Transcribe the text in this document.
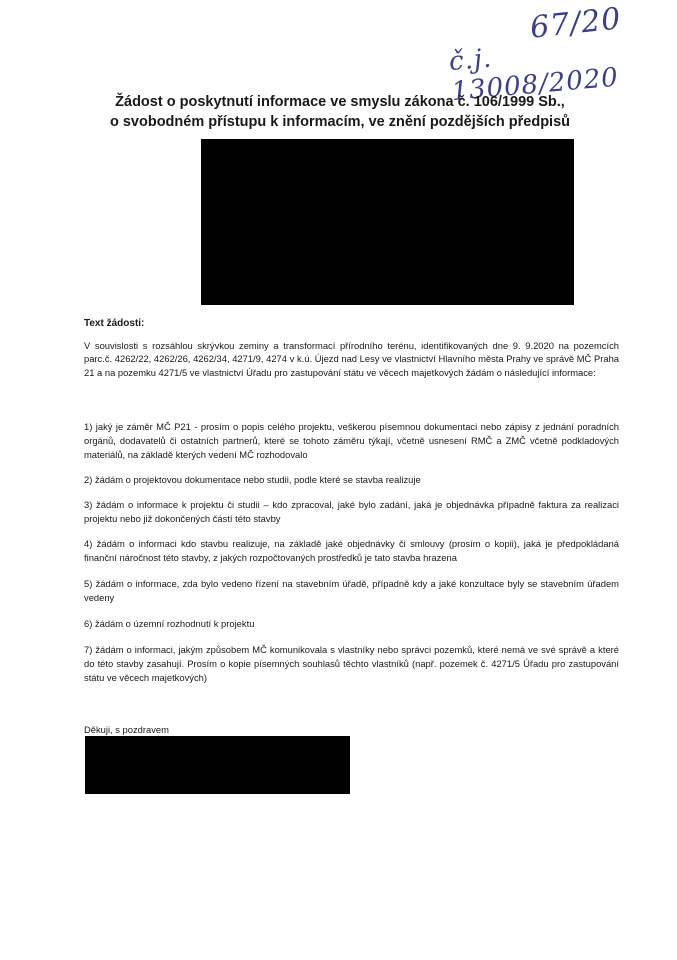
67/20
č.j. 13008/2020
Žádost o poskytnutí informace ve smyslu zákona č. 106/1999 Sb.,
o svobodném přístupu k informacím, ve znění pozdějších předpisů
Text žádosti:
V souvislosti s rozsáhlou skrývkou zeminy a transformací přírodního terénu, identifikovaných dne 9. 9.2020 na pozemcích parc.č. 4262/22, 4262/26, 4262/34, 4271/9, 4274 v k.ú. Újezd nad Lesy ve vlastnictví Hlavního města Prahy ve správě MČ Praha 21 a na pozemku 4271/5 ve vlastnictví Úřadu pro zastupování státu ve věcech majetkových žádám o následující informace:
1) jaký je záměr MČ P21 - prosím o popis celého projektu, veškerou písemnou dokumentaci nebo zápisy z jednání poradních orgánů, dodavatelů či ostatních partnerů, které se tohoto záměru týkají, včetně usnesení RMČ a ZMČ včetně podkladových materiálů, na základě kterých vedení MČ rozhodovalo
2) žádám o projektovou dokumentace nebo studii, podle které se stavba realizuje
3) žádám o informace k projektu či studii – kdo zpracoval, jaké bylo zadání, jaká je objednávka případně faktura za realizaci projektu nebo již dokončených částí této stavby
4) žádám o informaci kdo stavbu realizuje, na základě jaké objednávky či smlouvy (prosím o kopii), jaká je předpokládaná finanční náročnost této stavby, z jakých rozpočtovaných prostředků je tato stavba hrazena
5) žádám o informace, zda bylo vedeno řízení na stavebním úřadě, případně kdy a jaké konzultace byly se stavebním úřadem vedeny
6) žádám o územní rozhodnutí k projektu
7) žádám o informaci, jakým způsobem MČ komunikovala s vlastníky nebo správci pozemků, které nemá ve své správě a které do této stavby zasahují. Prosím o kopie písemných souhlasů těchto vlastníků (např. pozemek č. 4271/5 Úřadu pro zastupování státu ve věcech majetkových)
Děkuji, s pozdravem
